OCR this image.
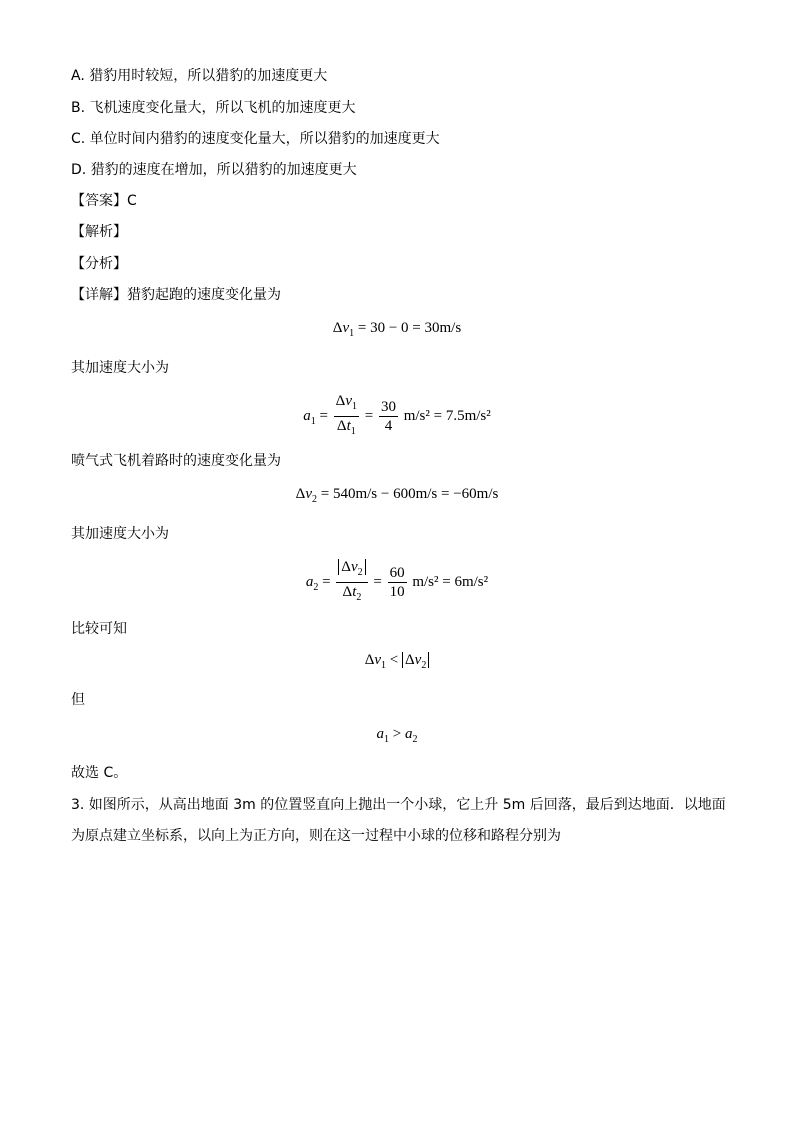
A. 猎豹用时较短，所以猎豹的加速度更大
B. 飞机速度变化量大，所以飞机的加速度更大
C. 单位时间内猎豹的速度变化量大，所以猎豹的加速度更大
D. 猎豹的速度在增加，所以猎豹的加速度更大
【答案】C
【解析】
【分析】
【详解】猎豹起跑的速度变化量为
$\Delta v_1 = 30 - 0 = 30m/s$
其加速度大小为
$a_1 = \frac{\Delta v_1}{\Delta t_1} = \frac{30}{4} m/s^2 = 7.5m/s^2$
喷气式飞机着路时的速度变化量为
$\Delta v_2 = 540m/s - 600m/s = -60m/s$
其加速度大小为
$a_2 = \frac{\Delta v_2}{\Delta t_2} = \frac{60}{10} m/s^2 = 6m/s^2$
比较可知
$\Delta v_1 < \Delta v_2$
但
$a_1 > a_2$
故选 C。
3. 如图所示，从高出地面 3m 的位置竖直向上抛出一个小球，它上升 5m 后回落，最后到达地面．以地面
为原点建立坐标系，以向上为正方向，则在这一过程中小球的位移和路程分别为
